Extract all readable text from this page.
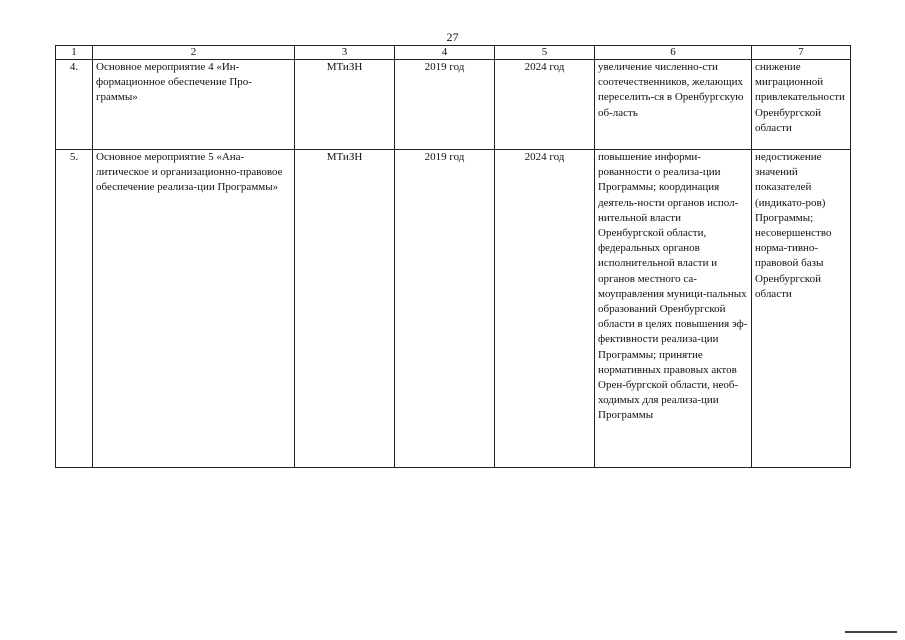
27
1	2	3	4	5	6	7
4.	Основное мероприятие 4 «Ин-формационное обеспечение Про-граммы»	МТиЗН	2019 год	2024 год	увеличение численно-сти соотечественников, желающих переселить-ся в Оренбургскую об-ласть	снижение миграционной привлекательности Оренбургской области
5.	Основное мероприятие 5 «Ана-литическое и организационно-правовое обеспечение реализа-ции Программы»	МТиЗН	2019 год	2024 год	повышение информи-рованности о реализа-ции Программы; координация деятель-ности органов испол-нительной власти Оренбургской области, федеральных органов исполнительной власти и органов местного са-моуправления муници-пальных образований Оренбургской области в целях повышения эф-фективности реализа-ции Программы; принятие нормативных правовых актов Орен-бургской области, необ-ходимых для реализа-ции Программы	недостижение значений показателей (индикато-ров) Программы; несовершенство норма-тивно-правовой базы Оренбургской области
